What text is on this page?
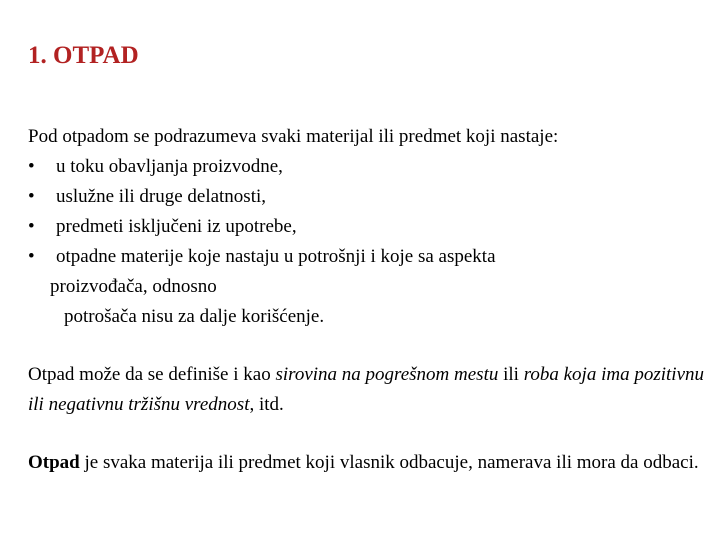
1. OTPAD
Pod otpadom se podrazumeva svaki materijal ili predmet koji nastaje:
• u toku obavljanja proizvodne,
• uslužne ili druge delatnosti,
• predmeti isključeni iz upotrebe,
• otpadne materije koje nastaju u potrošnji i koje sa aspekta
proizvođača, odnosno
potrošača nisu za dalje korišćenje.
Otpad može da se definiše i kao sirovina na pogrešnom mestu ili roba koja ima pozitivnu ili negativnu tržišnu vrednost, itd.
Otpad je svaka materija ili predmet koji vlasnik odbacuje, namerava ili mora da odbaci.
